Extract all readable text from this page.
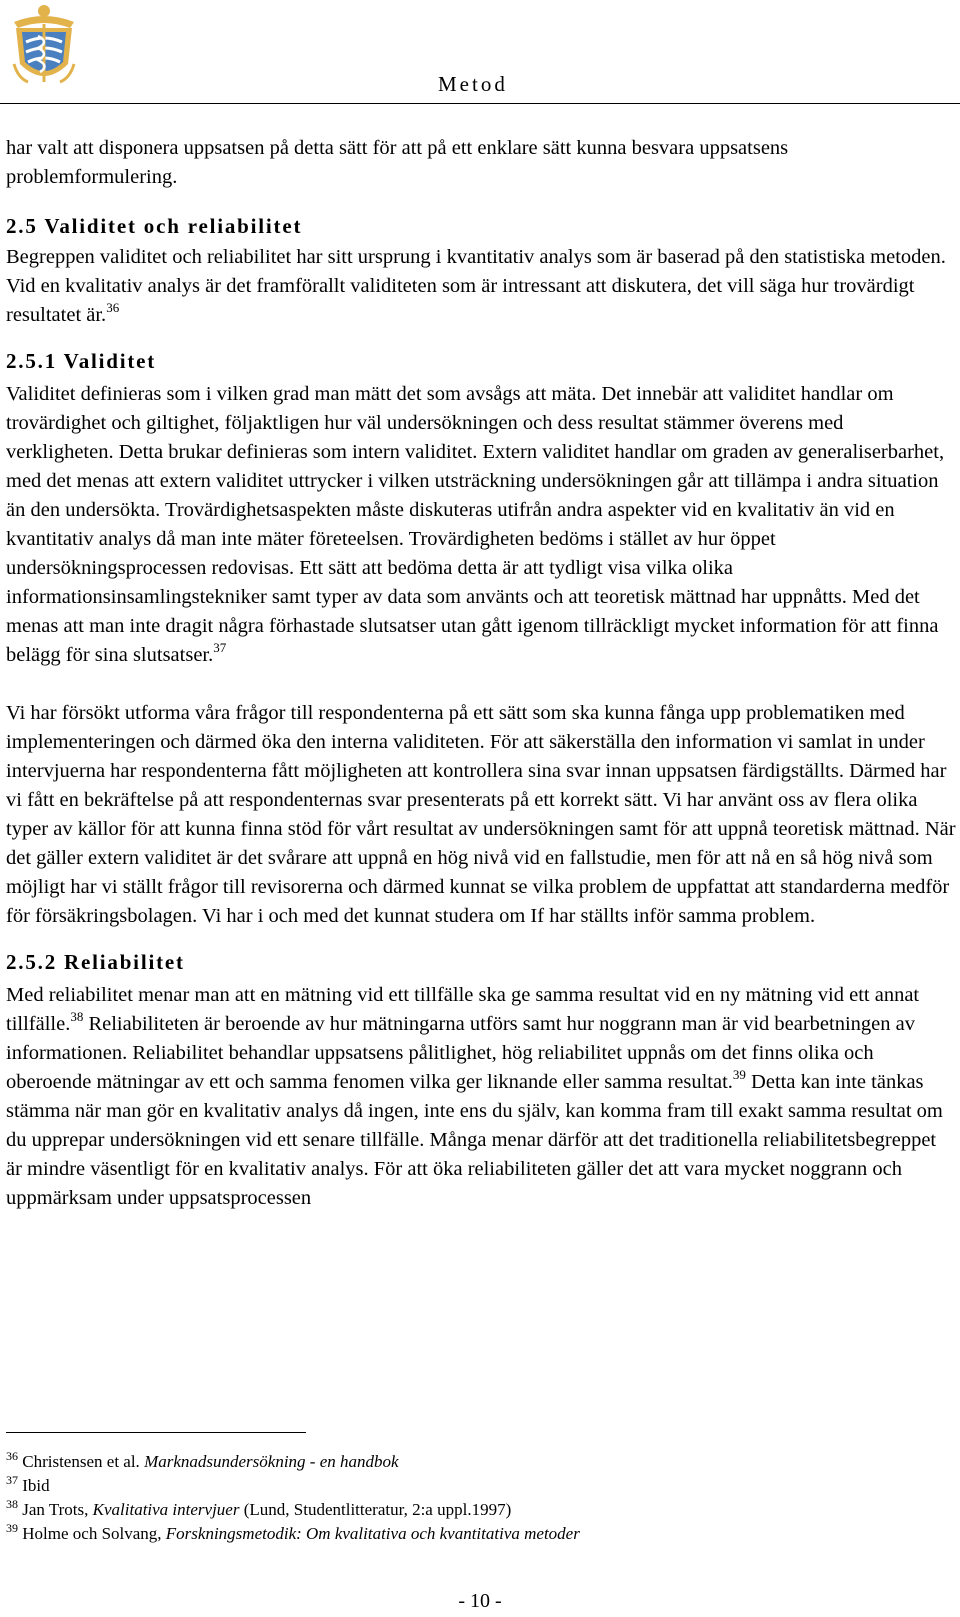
Metod

har valt att disponera uppsatsen på detta sätt för att på ett enklare sätt kunna besvara uppsatsens problemformulering.

2.5 Validitet och reliabilitet

Begreppen validitet och reliabilitet har sitt ursprung i kvantitativ analys som är baserad på den statistiska metoden. Vid en kvalitativ analys är det framförallt validiteten som är intressant att diskutera, det vill säga hur trovärdigt resultatet är.$^{36}$

2.5.1 Validitet

Validitet definieras som i vilken grad man mätt det som avsågs att mäta. Det innebär att validitet handlar om trovärdighet och giltighet, följaktligen hur väl undersökningen och dess resultat stämmer överens med verkligheten. Detta brukar definieras som intern validitet. Extern validitet handlar om graden av generaliserbarhet, med det menas att extern validitet uttrycker i vilken utsträckning undersökningen går att tillämpa i andra situation än den undersökta. Trovärdighetsaspekten måste diskuteras utifrån andra aspekter vid en kvalitativ än vid en kvantitativ analys då man inte mäter företeelsen. Trovärdigheten bedöms i stället av hur öppet undersökningsprocessen redovisas. Ett sätt att bedöma detta är att tydligt visa vilka olika informationsinsamlingstekniker samt typer av data som använts och att teoretisk mättnad har uppnåtts. Med det menas att man inte dragit några förhastade slutsatser utan gått igenom tillräckligt mycket information för att finna belägg för sina slutsatser.$^{37}$

Vi har försökt utforma våra frågor till respondenterna på ett sätt som ska kunna fånga upp problematiken med implementeringen och därmed öka den interna validiteten. För att säkerställa den information vi samlat in under intervjuerna har respondenterna fått möjligheten att kontrollera sina svar innan uppsatsen färdigställts. Därmed har vi fått en bekräftelse på att respondenternas svar presenterats på ett korrekt sätt. Vi har använt oss av flera olika typer av källor för att kunna finna stöd för vårt resultat av undersökningen samt för att uppnå teoretisk mättnad. När det gäller extern validitet är det svårare att uppnå en hög nivå vid en fallstudie, men för att nå en så hög nivå som möjligt har vi ställt frågor till revisorerna och därmed kunnat se vilka problem de uppfattat att standarderna medför för försäkringsbolagen. Vi har i och med det kunnat studera om If har ställts inför samma problem.

2.5.2 Reliabilitet

Med reliabilitet menar man att en mätning vid ett tillfälle ska ge samma resultat vid en ny mätning vid ett annat tillfälle.$^{38}$ Reliabiliteten är beroende av hur mätningarna utförs samt hur noggrann man är vid bearbetningen av informationen. Reliabilitet behandlar uppsatsens pålitlighet, hög reliabilitet uppnås om det finns olika och oberoende mätningar av ett och samma fenomen vilka ger liknande eller samma resultat.$^{39}$ Detta kan inte tänkas stämma när man gör en kvalitativ analys då ingen, inte ens du själv, kan komma fram till exakt samma resultat om du upprepar undersökningen vid ett senare tillfälle. Många menar därför att det traditionella reliabilitetsbegreppet är mindre väsentligt för en kvalitativ analys. För att öka reliabiliteten gäller det att vara mycket noggrann och uppmärksam under uppsatsprocessen

$^{36}$ Christensen et al. Marknadsundersökning - en handbok
$^{37}$ Ibid
$^{38}$ Jan Trots, Kvalitativa intervjuer (Lund, Studentlitteratur, 2:a uppl.1997)
$^{39}$ Holme och Solvang, Forskningsmetodik: Om kvalitativa och kvantitativa metoder
- 10 -
